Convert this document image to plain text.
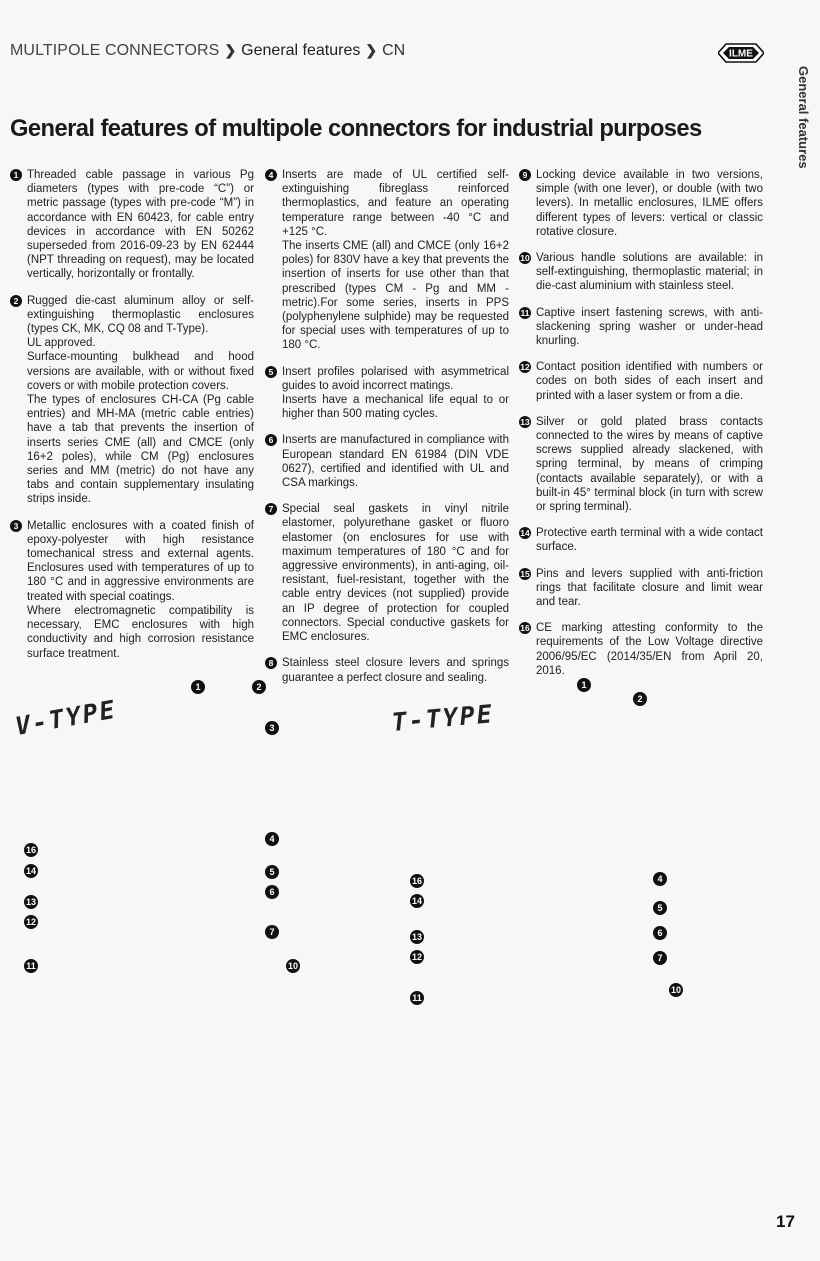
MULTIPOLE CONNECTORS ❯ General features ❯ CN	ILME
General features
General features of multipole connectors for industrial purposes
1 Threaded cable passage in various Pg diameters (types with pre-code “C”) or metric passage (types with pre-code “M”) in accordance with EN 60423, for cable entry devices in accordance with EN 50262 superseded from 2016-09-23 by EN 62444 (NPT threading on request), may be located vertically, horizontally or frontally.

2 Rugged die-cast aluminum alloy or self-extinguishing thermoplastic enclosures (types CK, MK, CQ 08 and T-Type).

UL approved.

Surface-mounting bulkhead and hood versions are available, with or without fixed covers or with mobile protection covers.

The types of enclosures CH-CA (Pg cable entries) and MH-MA (metric cable entries) have a tab that prevents the insertion of inserts series CME (all) and CMCE (only 16+2 poles), while CM (Pg) enclosures series and MM (metric) do not have any tabs and contain supplementary insulating strips inside.

3 Metallic enclosures with a coated finish of epoxy-polyester with high resistance tomechanical stress and external agents. Enclosures used with temperatures of up to 180 °C and in aggressive environments are treated with special coatings.

Where electromagnetic compatibility is necessary, EMC enclosures with high conductivity and high corrosion resistance surface treatment.

4 Inserts are made of UL certified self-extinguishing fibreglass reinforced thermoplastics, and feature an operating temperature range between -40 °C and +125 °C.

The inserts CME (all) and CMCE (only 16+2 poles) for 830V have a key that prevents the insertion of inserts for use other than that prescribed (types CM - Pg and MM - metric).For some series, inserts in PPS (polyphenylene sulphide) may be requested for special uses with temperatures of up to 180 °C.

5 Insert profiles polarised with asymmetrical guides to avoid incorrect matings.

Inserts have a mechanical life equal to or higher than 500 mating cycles.

6 Inserts are manufactured in compliance with European standard EN 61984 (DIN VDE 0627), certified and identified with UL and CSA markings.

7 Special seal gaskets in vinyl nitrile elastomer, polyurethane gasket or fluoro elastomer (on enclosures for use with maximum temperatures of 180 °C and for aggressive environments), in anti-aging, oil-resistant, fuel-resistant, together with the cable entry devices (not supplied) provide an IP degree of protection for coupled connectors. Special conductive gaskets for EMC enclosures.

8 Stainless steel closure levers and springs guarantee a perfect closure and sealing.

9 Locking device available in two versions, simple (with one lever), or double (with two levers). In metallic enclosures, ILME offers different types of levers: vertical or classic rotative closure.

10 Various handle solutions are available: in self-extinguishing, thermoplastic material; in die-cast aluminium with stainless steel.

11 Captive insert fastening screws, with anti-slackening spring washer or under-head knurling.

12 Contact position identified with numbers or codes on both sides of each insert and printed with a laser system or from a die.

13 Silver or gold plated brass contacts connected to the wires by means of captive screws supplied already slackened, with spring terminal, by means of crimping (contacts available separately), or with a built-in 45° terminal block (in turn with screw or spring terminal).

14 Protective earth terminal with a wide contact surface.

15 Pins and levers supplied with anti-friction rings that facilitate closure and limit wear and tear.

16 CE marking attesting conformity to the requirements of the Low Voltage directive 2006/95/EC (2014/35/EN from April 20, 2016.

V-TYPE	T-TYPE
1	2
3
16
14
13
12
11
4
5
6
7
10
1
2
16
14
13
12
11
4
5
6
7
10
17
